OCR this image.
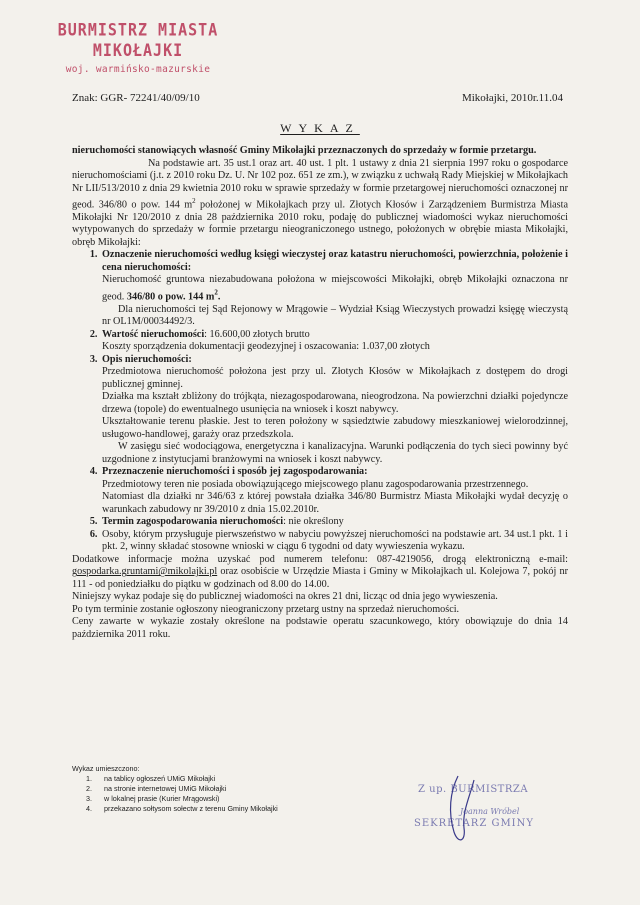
BURMISTRZ MIASTA MIKOŁAJKI
woj. warmińsko-mazurskie
Znak: GGR- 72241/40/09/10	Mikołajki, 2010r.11.04
WYKAZ

nieruchomości stanowiących własność Gminy Mikołajki przeznaczonych do sprzedaży w formie przetargu.

Na podstawie art. 35 ust.1 oraz art. 40 ust. 1 plt. 1 ustawy z dnia 21 sierpnia 1997 roku o gospodarce nieruchomościami (j.t. z 2010 roku Dz. U. Nr 102 poz. 651 ze zm.), w związku z uchwałą Rady Miejskiej w Mikołajkach Nr LII/513/2010 z dnia 29 kwietnia 2010 roku w sprawie sprzedaży w formie przetargowej nieruchomości oznaczonej nr geod. 346/80 o pow. 144 $m^2$ położonej w Mikołajkach przy ul. Złotych Kłosów i Zarządzeniem Burmistrza Miasta Mikołajki Nr 120/2010 z dnia 28 października 2010 roku, podaję do publicznej wiadomości wykaz nieruchomości wytypowanych do sprzedaży w formie przetargu nieograniczonego ustnego, położonych w obrębie miasta Mikołajki, obręb Mikołajki:

1. Oznaczenie nieruchomości według księgi wieczystej oraz katastru nieruchomości, powierzchnia, położenie i cena nieruchomości:

Nieruchomość gruntowa niezabudowana położona w miejscowości Mikołajki, obręb Mikołajki oznaczona nr geod. 346/80 o pow. 144 $m^2$.

Dla nieruchomości tej Sąd Rejonowy w Mrągowie – Wydział Ksiąg Wieczystych prowadzi księgę wieczystą nr OL1M/00034492/3.

2. Wartość nieruchomości: 16.600,00 złotych brutto

Koszty sporządzenia dokumentacji geodezyjnej i oszacowania: 1.037,00 złotych

3. Opis nieruchomości:

Przedmiotowa nieruchomość położona jest przy ul. Złotych Kłosów w Mikołajkach z dostępem do drogi publicznej gminnej.

Działka ma kształt zbliżony do trójkąta, niezagospodarowana, nieogrodzona. Na powierzchni działki pojedyncze drzewa (topole) do ewentualnego usunięcia na wniosek i koszt nabywcy.

Ukształtowanie terenu płaskie. Jest to teren położony w sąsiedztwie zabudowy mieszkaniowej wielorodzinnej, usługowo-handlowej, garaży oraz przedszkola.

W zasięgu sieć wodociągowa, energetyczna i kanalizacyjna. Warunki podłączenia do tych sieci powinny być uzgodnione z instytucjami branżowymi na wniosek i koszt nabywcy.

4. Przeznaczenie nieruchomości i sposób jej zagospodarowania:

Przedmiotowy teren nie posiada obowiązującego miejscowego planu zagospodarowania przestrzennego.

Natomiast dla działki nr 346/63 z której powstała działka 346/80 Burmistrz Miasta Mikołajki wydał decyzję o warunkach zabudowy nr 39/2010 z dnia 15.02.2010r.

5. Termin zagospodarowania nieruchomości: nie określony

6. Osoby, którym przysługuje pierwszeństwo w nabyciu powyższej nieruchomości na podstawie art. 34 ust.1 pkt. 1 i pkt. 2, winny składać stosowne wnioski w ciągu 6 tygodni od daty wywieszenia wykazu.

Dodatkowe informacje można uzyskać pod numerem telefonu: 087-4219056, drogą elektroniczną e-mail: gospodarka.gruntami@mikolajki.pl oraz osobiście w Urzędzie Miasta i Gminy w Mikołajkach ul. Kolejowa 7, pokój nr 111 - od poniedziałku do piątku w godzinach od 8.00 do 14.00.

Niniejszy wykaz podaje się do publicznej wiadomości na okres 21 dni, licząc od dnia jego wywieszenia.

Po tym terminie zostanie ogłoszony nieograniczony przetarg ustny na sprzedaż nieruchomości.

Ceny zawarte w wykazie zostały określone na podstawie operatu szacunkowego, który obowiązuje do dnia 14 października 2011 roku.

Wykaz umieszczono:
1. na tablicy ogłoszeń UMiG Mikołajki
2. na stronie internetowej UMiG Mikołajki
3. w lokalnej prasie (Kurier Mrągowski)
4. przekazano sołtysom sołectw z terenu Gminy Mikołajki
Z up. BURMISTRZA
Joanna Wróbel
SEKRETARZ GMINY
